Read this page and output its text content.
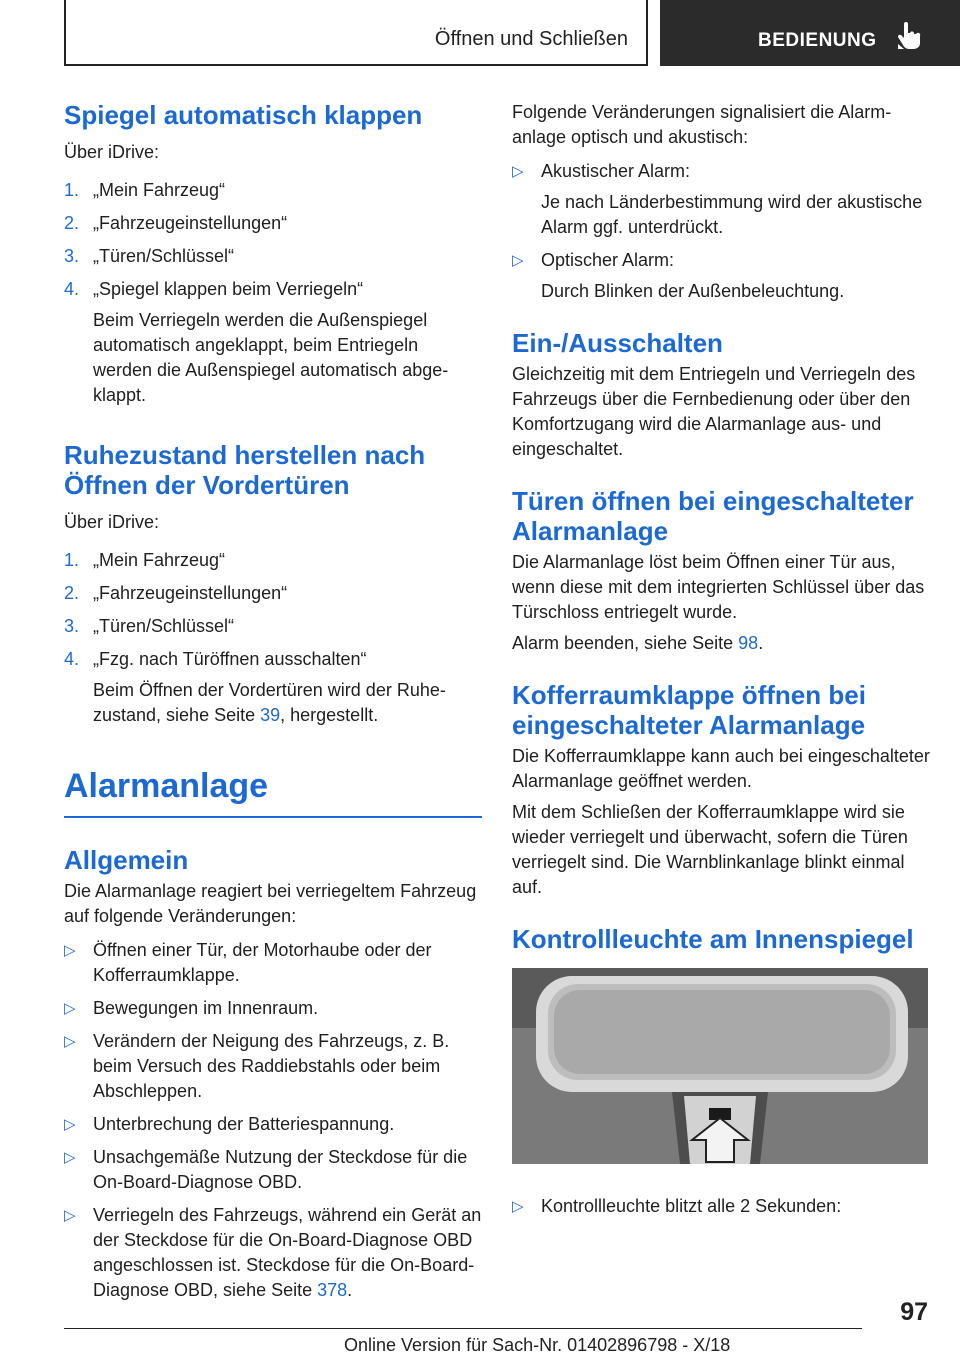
Öffnen und Schließen	BEDIENUNG
Spiegel automatisch klappen

Über iDrive:

1. „Mein Fahrzeug“
2. „Fahrzeugeinstellungen“
3. „Türen/Schlüssel“
4. „Spiegel klappen beim Verriegeln“
Beim Verriegeln werden die Außenspiegel automatisch angeklappt, beim Entriegeln werden die Außenspiegel automatisch abgeklappt.
Ruhezustand herstellen nach Öffnen der Vordertüren

Über iDrive:

1. „Mein Fahrzeug“
2. „Fahrzeugeinstellungen“
3. „Türen/Schlüssel“
4. „Fzg. nach Türöffnen ausschalten“
Beim Öffnen der Vordertüren wird der Ruhezustand, siehe Seite 39, hergestellt.
Alarmanlage
Allgemein

Die Alarmanlage reagiert bei verriegeltem Fahrzeug auf folgende Veränderungen:

▷ Öffnen einer Tür, der Motorhaube oder der Kofferraumklappe.
▷ Bewegungen im Innenraum.
▷ Verändern der Neigung des Fahrzeugs, z. B. beim Versuch des Raddiebstahls oder beim Abschleppen.
▷ Unterbrechung der Batteriespannung.
▷ Unsachgemäße Nutzung der Steckdose für die On-Board-Diagnose OBD.
▷ Verriegeln des Fahrzeugs, während ein Gerät an der Steckdose für die On-Board-Diagnose OBD angeschlossen ist. Steckdose für die On-Board-Diagnose OBD, siehe Seite 378.

Folgende Veränderungen signalisiert die Alarmanlage optisch und akustisch:

▷ Akustischer Alarm:
Je nach Länderbestimmung wird der akustische Alarm ggf. unterdrückt.
▷ Optischer Alarm:
Durch Blinken der Außenbeleuchtung.
Ein-/Ausschalten

Gleichzeitig mit dem Entriegeln und Verriegeln des Fahrzeugs über die Fernbedienung oder über den Komfortzugang wird die Alarmanlage aus- und eingeschaltet.

Türen öffnen bei eingeschalteter Alarmanlage

Die Alarmanlage löst beim Öffnen einer Tür aus, wenn diese mit dem integrierten Schlüssel über das Türschloss entriegelt wurde.

Alarm beenden, siehe Seite 98.

Kofferraumklappe öffnen bei eingeschalteter Alarmanlage

Die Kofferraumklappe kann auch bei eingeschalteter Alarmanlage geöffnet werden.

Mit dem Schließen der Kofferraumklappe wird sie wieder verriegelt und überwacht, sofern die Türen verriegelt sind. Die Warnblinkanlage blinkt einmal auf.

Kontrollleuchte am Innenspiegel
▷ Kontrollleuchte blitzt alle 2 Sekunden:
97
Online Version für Sach-Nr. 01402896798 - X/18
